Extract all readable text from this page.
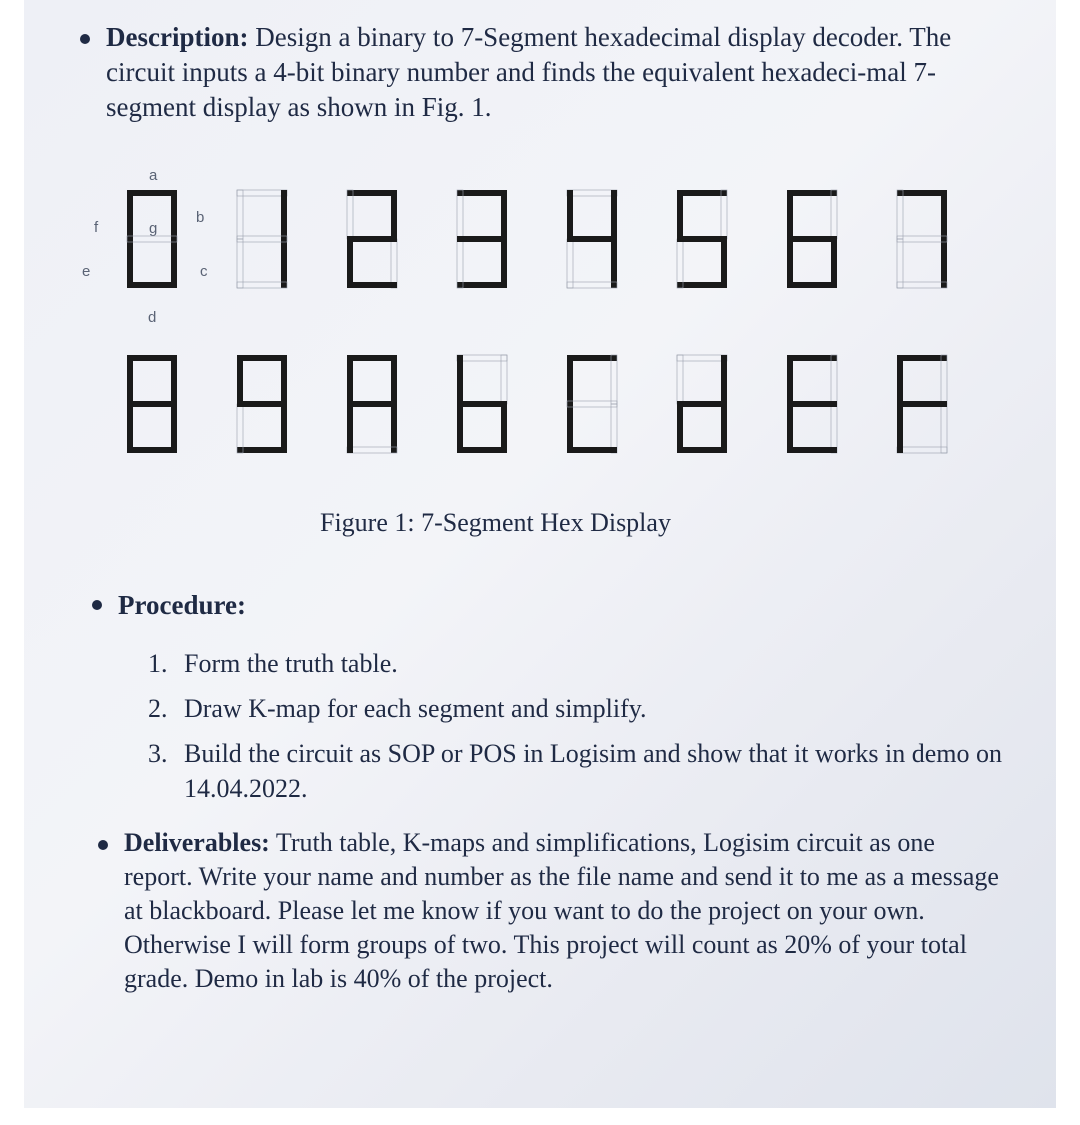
Description: Design a binary to 7-Segment hexadecimal display decoder. The circuit inputs a 4-bit binary number and finds the equivalent hexadeci-mal 7-segment display as shown in Fig. 1.
a
b
c
d
e
f	g
Figure 1: 7-Segment Hex Display
Procedure:
1. Form the truth table.
2. Draw K-map for each segment and simplify.
3. Build the circuit as SOP or POS in Logisim and show that it works in demo on 14.04.2022.
Deliverables: Truth table, K-maps and simplifications, Logisim circuit as one report. Write your name and number as the file name and send it to me as a message at blackboard. Please let me know if you want to do the project on your own. Otherwise I will form groups of two. This project will count as 20% of your total grade. Demo in lab is 40% of the project.
